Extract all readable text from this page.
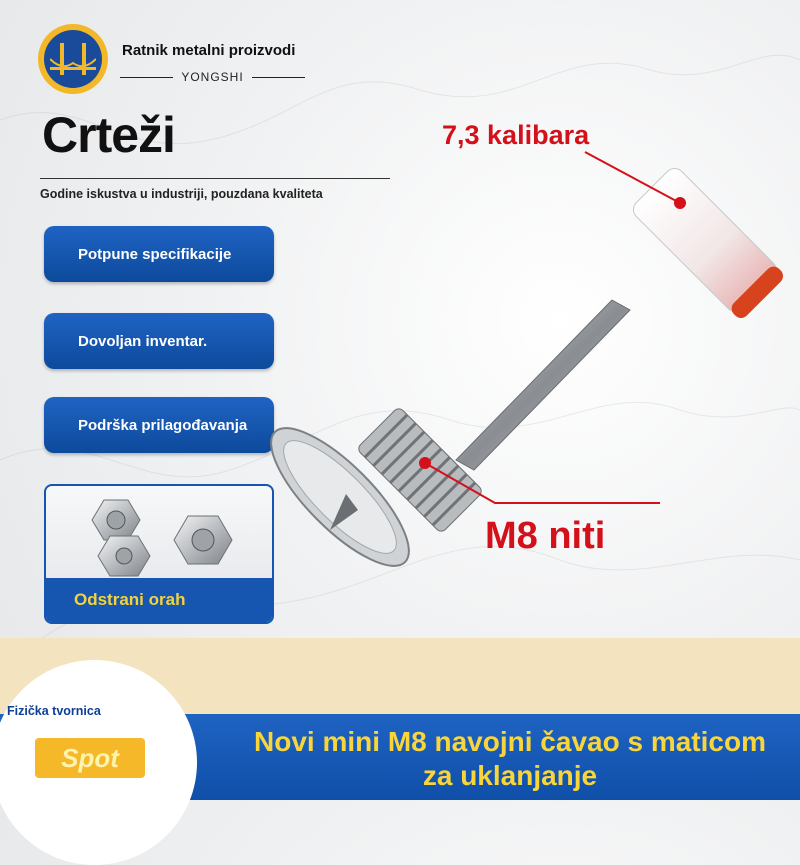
Ratnik metalni proizvodi
YONGSHI
Crteži
Godine iskustva u industriji, pouzdana kvaliteta
Potpune specifikacije
Dovoljan inventar.
Podrška prilagođavanja
Odstrani orah
7,3 kalibara
M8 niti
Fizička tvornica
Spot
Novi mini M8 navojni čavao s maticom za uklanjanje
